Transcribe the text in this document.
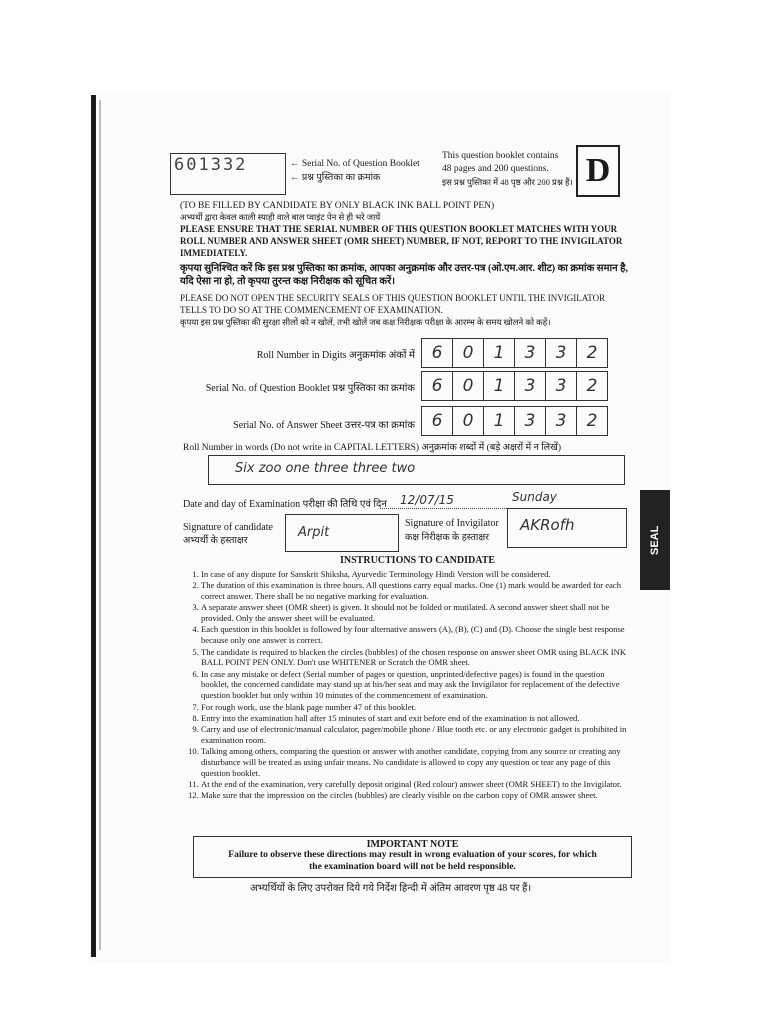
601332	← Serial No. of Question Booklet
← प्रश्न पुस्तिका का क्रमांक
This question booklet contains
48 pages and 200 questions.
इस प्रश्न पुस्तिका में 48 पृष्ठ और 200 प्रश्न हैं। D
(TO BE FILLED BY CANDIDATE BY ONLY BLACK INK BALL POINT PEN)
अभ्यर्थी द्वारा केवल काली स्याही वाले बाल प्वाइंट पेन से ही भरे जायें
PLEASE ENSURE THAT THE SERIAL NUMBER OF THIS QUESTION BOOKLET MATCHES WITH YOUR ROLL NUMBER AND ANSWER SHEET (OMR SHEET) NUMBER, IF NOT, REPORT TO THE INVIGILATOR IMMEDIATELY.
कृपया सुनिश्चित करें कि इस प्रश्न पुस्तिका का क्रमांक, आपका अनुक्रमांक और उत्तर-पत्र (ओ.एम.आर. शीट) का क्रमांक समान है, यदि ऐसा ना हो, तो कृपया तुरन्त कक्ष निरीक्षक को सूचित करें।
PLEASE DO NOT OPEN THE SECURITY SEALS OF THIS QUESTION BOOKLET UNTIL THE INVIGILATOR TELLS TO DO SO AT THE COMMENCEMENT OF EXAMINATION.
कृपया इस प्रश्न पुस्तिका की सुरक्षा सीलों को न खोलें, तभी खोलें जब कक्ष निरीक्षक परीक्षा के आरम्भ के समय खोलने को कहें।
Roll Number in Digits अनुक्रमांक अंकों में 6	0	1	3	3	2
Serial No. of Question Booklet प्रश्न पुस्तिका का क्रमांक 6	0	1	3	3	2
Serial No. of Answer Sheet उत्तर-पत्र का क्रमांक 6	0	1	3	3	2
Roll Number in words (Do not write in CAPITAL LETTERS) अनुक्रमांक शब्दों में (बड़े अक्षरों में न लिखें)
Six zoo one three three two
Date and day of Examination परीक्षा की तिथि एवं दिन 12/07/15	Sunday
Signature of candidate
अभ्यर्थी के हस्ताक्षर
Arpit
Signature of Invigilator
कक्ष निरीक्षक के हस्ताक्षर
AKRofh
INSTRUCTIONS TO CANDIDATE
1. In case of any dispute for Sanskrit Shiksha, Ayurvedic Terminology Hindi Version will be considered.
2. The duration of this examination is three hours. All questions carry equal marks. One (1) mark would be awarded for each correct answer. There shall be no negative marking for evaluation.
3. A separate answer sheet (OMR sheet) is given. It should not be folded or mutilated. A second answer sheet shall not be provided. Only the answer sheet will be evaluated.
4. Each question in this booklet is followed by four alternative answers (A), (B), (C) and (D). Choose the single best response because only one answer is correct.
5. The candidate is required to blacken the circles (bubbles) of the chosen response on answer sheet OMR using BLACK INK BALL POINT PEN ONLY. Don't use WHITENER or Scratch the OMR sheet.
6. In case any mistake or defect (Serial number of pages or question, unprinted/defective pages) is found in the question booklet, the concerned candidate may stand up at his/her seat and may ask the Invigilator for replacement of the defective question booklet but only within 10 minutes of the commencement of examination.
7. For rough work, use the blank page number 47 of this booklet.
8. Entry into the examination hall after 15 minutes of start and exit before end of the examination is not allowed.
9. Carry and use of electronic/manual calculator, pager/mobile phone / Blue tooth etc. or any electronic gadget is prohibited in examination room.
10. Talking among others, comparing the question or answer with another candidate, copying from any source or creating any disturbance will be treated as using unfair means. No candidate is allowed to copy any question or tear any page of this question booklet.
11. At the end of the examination, very carefully deposit original (Red colour) answer sheet (OMR SHEET) to the Invigilator.
12. Make sure that the impression on the circles (bubbles) are clearly visible on the carbon copy of OMR answer sheet.
IMPORTANT NOTE
Failure to observe these directions may result in wrong evaluation of your scores, for which the examination board will not be held responsible.
अभ्यर्थियों के लिए उपरोक्त दिये गये निर्देश हिन्दी में अंतिम आवरण पृष्ठ 48 पर हैं।
SEAL
